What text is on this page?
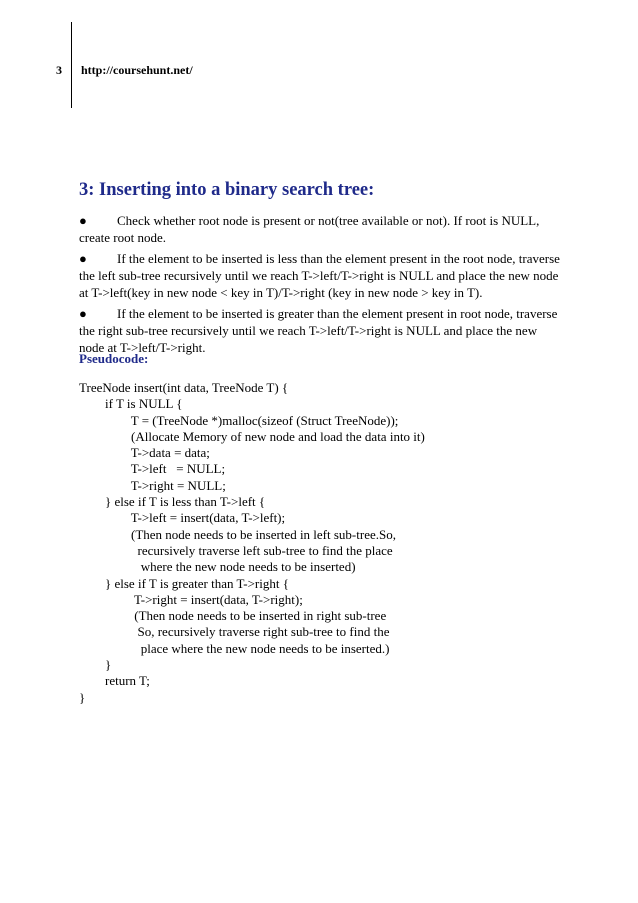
3 http://coursehunt.net/
3: Inserting into a binary search tree:

● Check whether root node is present or not(tree available or not). If root is NULL, create root node.

● If the element to be inserted is less than the element present in the root node, traverse the left sub-tree recursively until we reach T->left/T->right is NULL and place the new node at T->left(key in new node < key in T)/T->right (key in new node > key in T).

● If the element to be inserted is greater than the element present in root node, traverse the right sub-tree recursively until we reach T->left/T->right is NULL and place the new node at T->left/T->right.

Pseudocode:
TreeNode insert(int data, TreeNode T) {
if T is NULL {
T = (TreeNode *)malloc(sizeof (Struct TreeNode));
(Allocate Memory of new node and load the data into it)
T->data = data;
T->left   = NULL;
T->right = NULL;
} else if T is less than T->left {
T->left = insert(data, T->left);
(Then node needs to be inserted in left sub-tree.So,
recursively traverse left sub-tree to find the place
where the new node needs to be inserted)
} else if T is greater than T->right {
T->right = insert(data, T->right);
(Then node needs to be inserted in right sub-tree
So, recursively traverse right sub-tree to find the
place where the new node needs to be inserted.)
}
return T;
}
